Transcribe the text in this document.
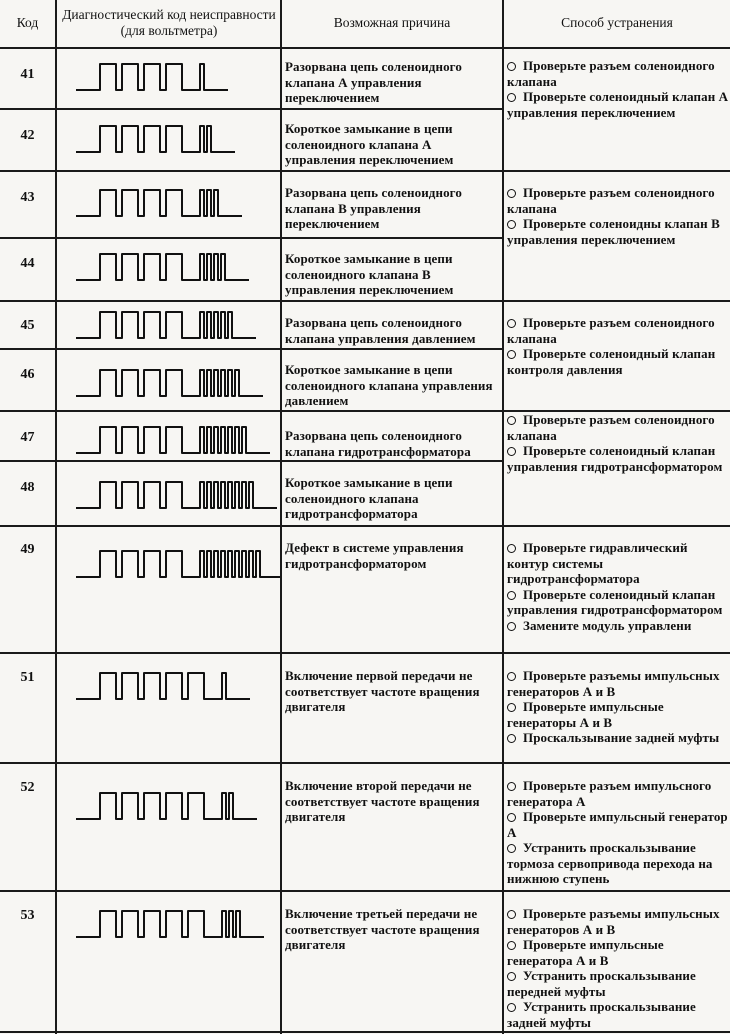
Код
Диагностический код неисправности (для вольтметра)
Возможная причина	Способ устранения
41
42
43
44
45
46
47
48
49
51
52
53
Разорвана цепь соленоидного клапана А управления переключением
Короткое замыкание в цепи соленоидного клапана А управления переключением
Разорвана цепь соленоидного клапана В управления переключением
Короткое замыкание в цепи соленоидного клапана В управления переключением
Разорвана цепь соленоидного клапана управления давлением
Короткое замыкание в цепи соленоидного клапана управления давлением
Разорвана цепь соленоидного клапана гидротрансформатора
Короткое замыкание в цепи соленоидного клапана гидротрансформатора
Дефект в системе управления гидротрансформатором
Включение первой передачи не соответствует частоте вращения двигателя
Включение второй передачи не соответствует частоте вращения двигателя
Включение третьей передачи не соответствует частоте вращения двигателя
Проверьте разъем соленоидного клапана
Проверьте соленоидный клапан А управления переключением
Проверьте разъем соленоидного клапана
Проверьте соленоидны клапан В управления переключением
Проверьте разъем соленоидного клапана
Проверьте соленоидный клапан контроля давления
Проверьте разъем соленоидного клапана
Проверьте соленоидный клапан управления гидротрансформатором
Проверьте гидравлический контур системы гидротрансформатора
Проверьте соленоидный клапан управления гидротрансформатором
Замените модуль управлени
Проверьте разъемы импульсных генераторов А и В
Проверьте импульсные генераторы А и В
Проскальзывание задней муфты
Проверьте разъем импульсного генератора А
Проверьте импульсный генератор А
Устранить проскальзывание тормоза сервопривода перехода на нижнюю ступень
Проверьте разъемы импульсных генераторов А и В
Проверьте импульсные генератора А и В
Устранить проскальзывание передней муфты
Устранить проскальзывание задней муфты
